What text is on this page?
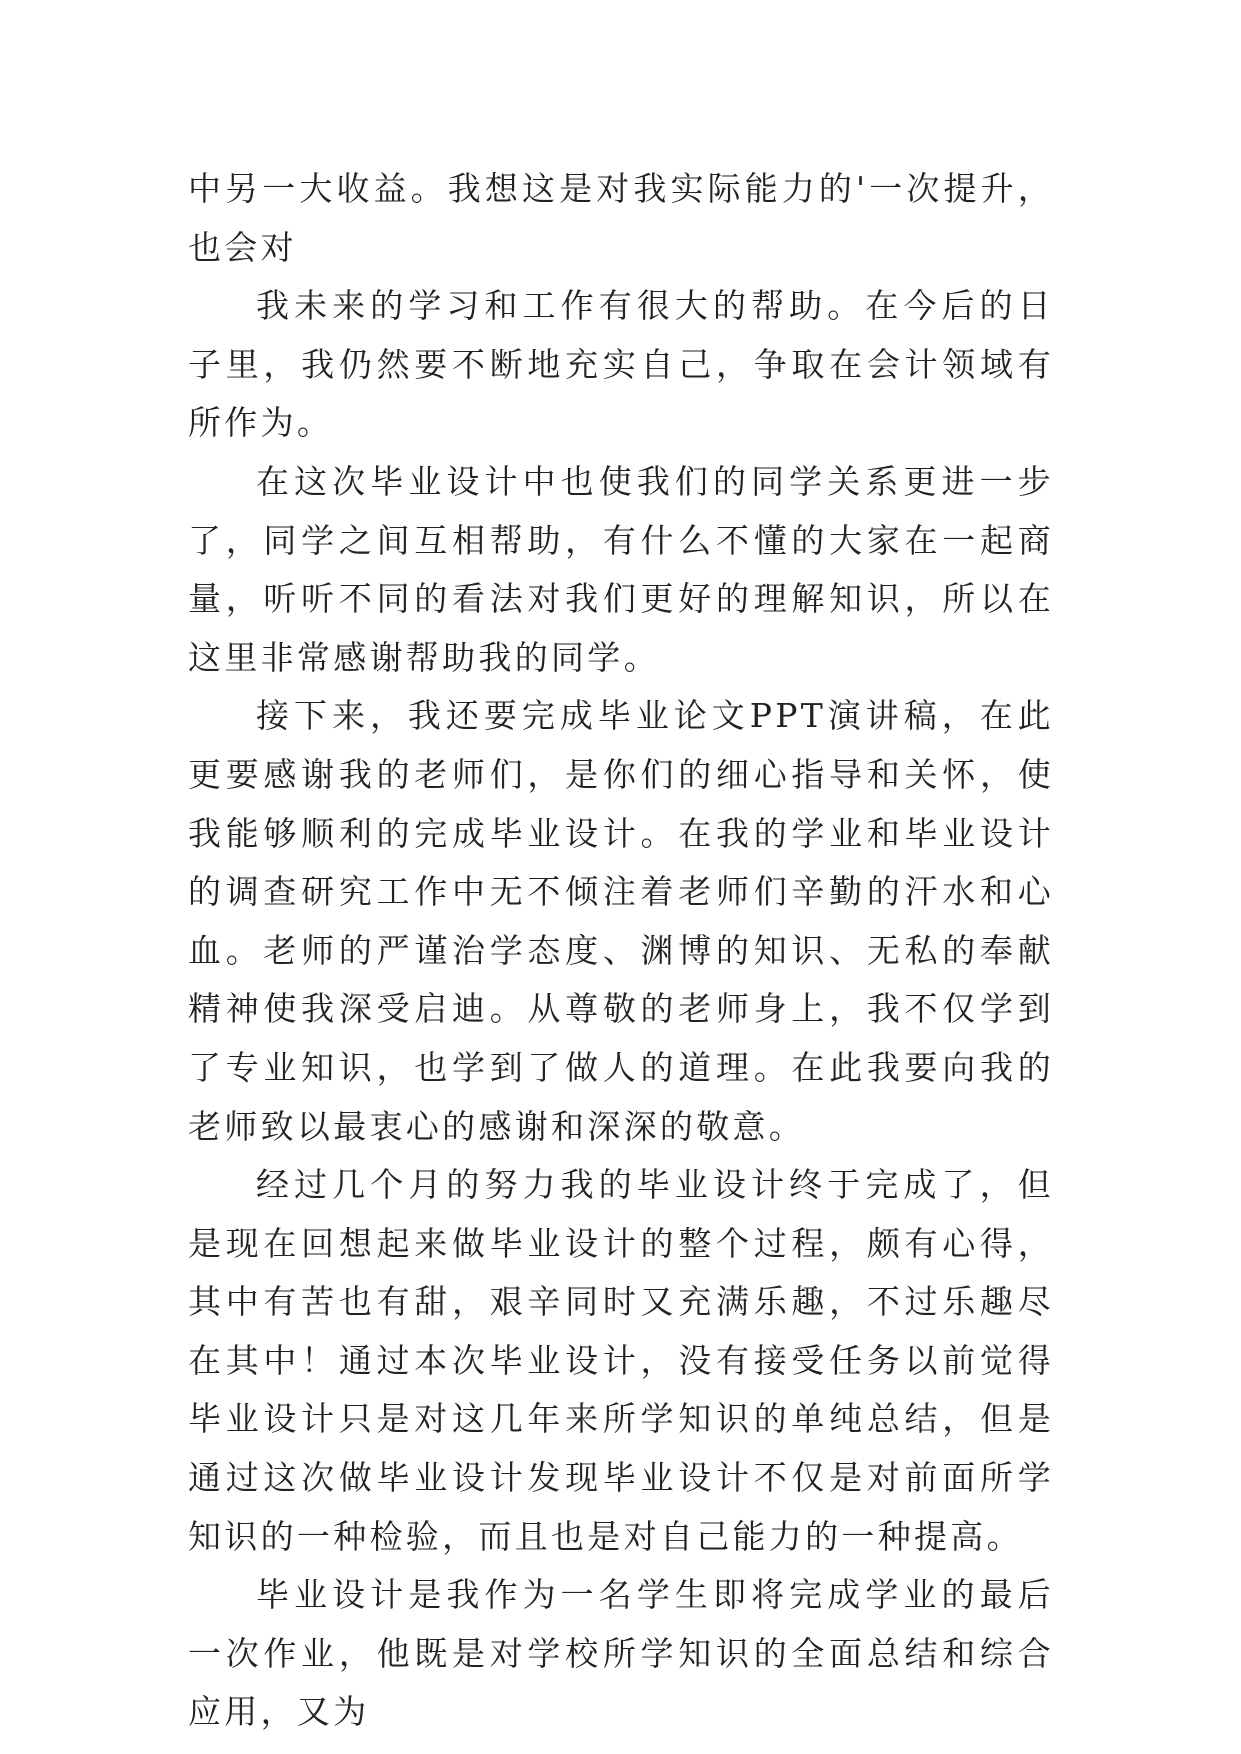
中另一大收益。我想这是对我实际能力的'一次提升，也会对

我未来的学习和工作有很大的帮助。在今后的日子里，我仍然要不断地充实自己，争取在会计领域有所作为。

在这次毕业设计中也使我们的同学关系更进一步了，同学之间互相帮助，有什么不懂的大家在一起商量，听听不同的看法对我们更好的理解知识，所以在这里非常感谢帮助我的同学。

接下来，我还要完成毕业论文PPT演讲稿，在此更要感谢我的老师们，是你们的细心指导和关怀，使我能够顺利的完成毕业设计。在我的学业和毕业设计的调查研究工作中无不倾注着老师们辛勤的汗水和心血。老师的严谨治学态度、渊博的知识、无私的奉献精神使我深受启迪。从尊敬的老师身上，我不仅学到了专业知识，也学到了做人的道理。在此我要向我的老师致以最衷心的感谢和深深的敬意。

经过几个月的努力我的毕业设计终于完成了，但是现在回想起来做毕业设计的整个过程，颇有心得，其中有苦也有甜，艰辛同时又充满乐趣，不过乐趣尽在其中！通过本次毕业设计，没有接受任务以前觉得毕业设计只是对这几年来所学知识的单纯总结，但是通过这次做毕业设计发现毕业设计不仅是对前面所学知识的一种检验，而且也是对自己能力的一种提高。

毕业设计是我作为一名学生即将完成学业的最后一次作业，他既是对学校所学知识的全面总结和综合应用，又为
